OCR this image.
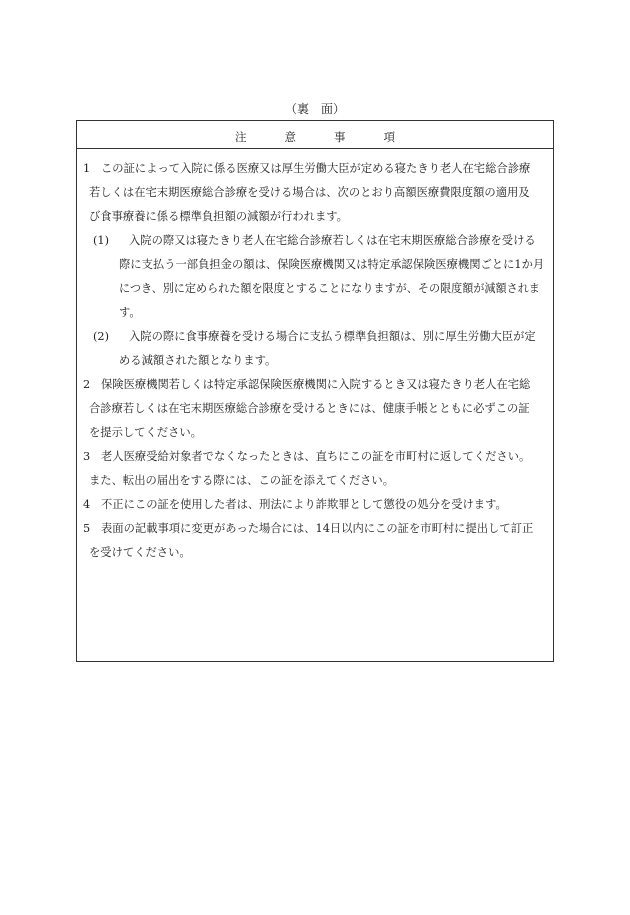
（裏　面）
注	意	事	項
1 この証によって入院に係る医療又は厚生労働大臣が定める寝たきり老人在宅総合診療
若しくは在宅末期医療総合診療を受ける場合は、次のとおり高額医療費限度額の適用及
び食事療養に係る標準負担額の減額が行われます。
(1) 入院の際又は寝たきり老人在宅総合診療若しくは在宅末期医療総合診療を受ける
際に支払う一部負担金の額は、保険医療機関又は特定承認保険医療機関ごとに1か月
につき、別に定められた額を限度とすることになりますが、その限度額が減額されま
す。
(2) 入院の際に食事療養を受ける場合に支払う標準負担額は、別に厚生労働大臣が定
める減額された額となります。
2 保険医療機関若しくは特定承認保険医療機関に入院するとき又は寝たきり老人在宅総
合診療若しくは在宅末期医療総合診療を受けるときには、健康手帳とともに必ずこの証
を提示してください。
3 老人医療受給対象者でなくなったときは、直ちにこの証を市町村に返してください。
また、転出の届出をする際には、この証を添えてください。
4 不正にこの証を使用した者は、刑法により詐欺罪として懲役の処分を受けます。
5 表面の記載事項に変更があった場合には、14日以内にこの証を市町村に提出して訂正
を受けてください。
